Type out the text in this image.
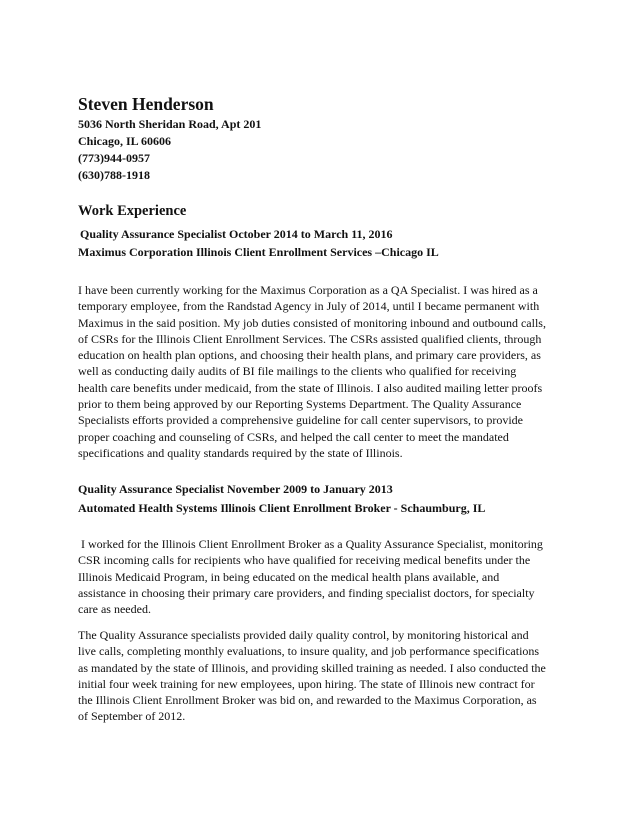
Steven Henderson
5036 North Sheridan Road, Apt 201
Chicago, IL 60606
(773)944-0957
(630)788-1918
Work Experience
Quality Assurance Specialist October 2014 to March 11, 2016
Maximus Corporation Illinois Client Enrollment Services –Chicago IL
I have been currently working for the Maximus Corporation as a QA Specialist. I was hired as a
temporary employee, from the Randstad Agency in July of 2014, until I became permanent with
Maximus in the said position. My job duties consisted of monitoring inbound and outbound calls,
of CSRs for the Illinois Client Enrollment Services. The CSRs assisted qualified clients, through
education on health plan options, and choosing their health plans, and primary care providers, as
well as conducting daily audits of BI file mailings to the clients who qualified for receiving
health care benefits under medicaid, from the state of Illinois. I also audited mailing letter proofs
prior to them being approved by our Reporting Systems Department. The Quality Assurance
Specialists efforts provided a comprehensive guideline for call center supervisors, to provide
proper coaching and counseling of CSRs, and helped the call center to meet the mandated
specifications and quality standards required by the state of Illinois.
Quality Assurance Specialist November 2009 to January 2013
Automated Health Systems Illinois Client Enrollment Broker - Schaumburg, IL
I worked for the Illinois Client Enrollment Broker as a Quality Assurance Specialist, monitoring
CSR incoming calls for recipients who have qualified for receiving medical benefits under the
Illinois Medicaid Program, in being educated on the medical health plans available, and
assistance in choosing their primary care providers, and finding specialist doctors, for specialty
care as needed.
The Quality Assurance specialists provided daily quality control, by monitoring historical and
live calls, completing monthly evaluations, to insure quality, and job performance specifications
as mandated by the state of Illinois, and providing skilled training as needed. I also conducted the
initial four week training for new employees, upon hiring. The state of Illinois new contract for
the Illinois Client Enrollment Broker was bid on, and rewarded to the Maximus Corporation, as
of September of 2012.
